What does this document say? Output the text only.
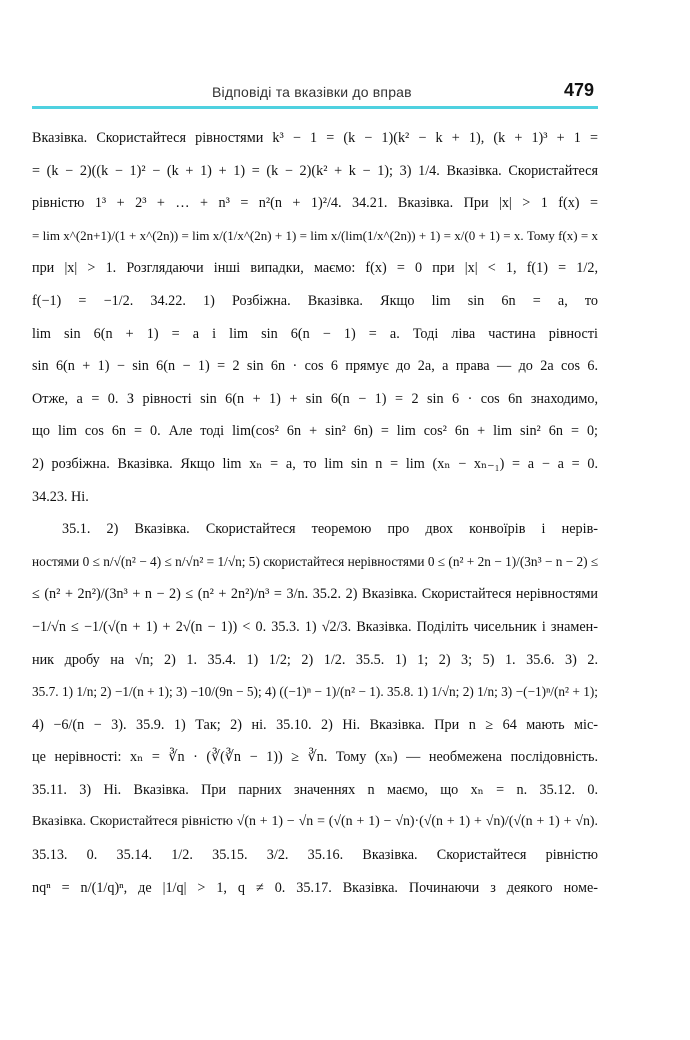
Відповіді та вказівки до вправ	479
Вказівка. Скористайтеся рівностями k³ − 1 = (k − 1)(k² − k + 1), (k + 1)³ + 1 =
= (k − 2)((k − 1)² − (k + 1) + 1) = (k − 2)(k² + k − 1); 3) 1/4. Вказівка. Скористайтеся
рівністю 1³ + 2³ + … + n³ = n²(n + 1)²/4. 34.21. Вказівка. При |x| > 1 f(x) =
= lim x^(2n+1)/(1 + x^(2n)) = lim x/(1/x^(2n) + 1) = lim x/(lim(1/x^(2n)) + 1) = x/(0 + 1) = x. Тому f(x) = x
при |x| > 1. Розглядаючи інші випадки, маємо: f(x) = 0 при |x| < 1, f(1) = 1/2,
f(−1) = −1/2. 34.22. 1) Розбіжна. Вказівка. Якщо lim sin 6n = a, то
lim sin 6(n + 1) = a і lim sin 6(n − 1) = a. Тоді ліва частина рівності
sin 6(n + 1) − sin 6(n − 1) = 2 sin 6n · cos 6 прямує до 2a, а права — до 2a cos 6.
Отже, a = 0. З рівності sin 6(n + 1) + sin 6(n − 1) = 2 sin 6 · cos 6n знаходимо,
що lim cos 6n = 0. Але тоді lim(cos² 6n + sin² 6n) = lim cos² 6n + lim sin² 6n = 0;
2) розбіжна. Вказівка. Якщо lim xₙ = a, то lim sin n = lim (xₙ − xₙ₋₁) = a − a = 0.
34.23. Ні.
35.1. 2) Вказівка. Скористайтеся теоремою про двох конвоїрів і нерів-
ностями 0 ≤ n/√(n² − 4) ≤ n/√n² = 1/√n; 5) скористайтеся нерівностями 0 ≤ (n² + 2n − 1)/(3n³ − n − 2) ≤
≤ (n² + 2n²)/(3n³ + n − 2) ≤ (n² + 2n²)/n³ = 3/n. 35.2. 2) Вказівка. Скористайтеся нерівностями
−1/√n ≤ −1/(√(n + 1) + 2√(n − 1)) < 0. 35.3. 1) √2/3. Вказівка. Поділіть чисельник і знамен-
ник дробу на √n; 2) 1. 35.4. 1) 1/2; 2) 1/2. 35.5. 1) 1; 2) 3; 5) 1. 35.6. 3) 2.
35.7. 1) 1/n; 2) −1/(n + 1); 3) −10/(9n − 5); 4) ((−1)ⁿ − 1)/(n² − 1). 35.8. 1) 1/√n; 2) 1/n; 3) −(−1)ⁿ/(n² + 1);
4) −6/(n − 3). 35.9. 1) Так; 2) ні. 35.10. 2) Ні. Вказівка. При n ≥ 64 мають міс-
це нерівності: xₙ = ∛n · (∛(∛n − 1)) ≥ ∛n. Тому (xₙ) — необмежена послідовність.
35.11. 3) Ні. Вказівка. При парних значеннях n маємо, що xₙ = n. 35.12. 0.
Вказівка. Скористайтеся рівністю √(n + 1) − √n = (√(n + 1) − √n)·(√(n + 1) + √n)/(√(n + 1) + √n).
35.13. 0. 35.14. 1/2. 35.15. 3/2. 35.16. Вказівка. Скористайтеся рівністю
nqⁿ = n/(1/q)ⁿ, де |1/q| > 1, q ≠ 0. 35.17. Вказівка. Починаючи з деякого номе-
